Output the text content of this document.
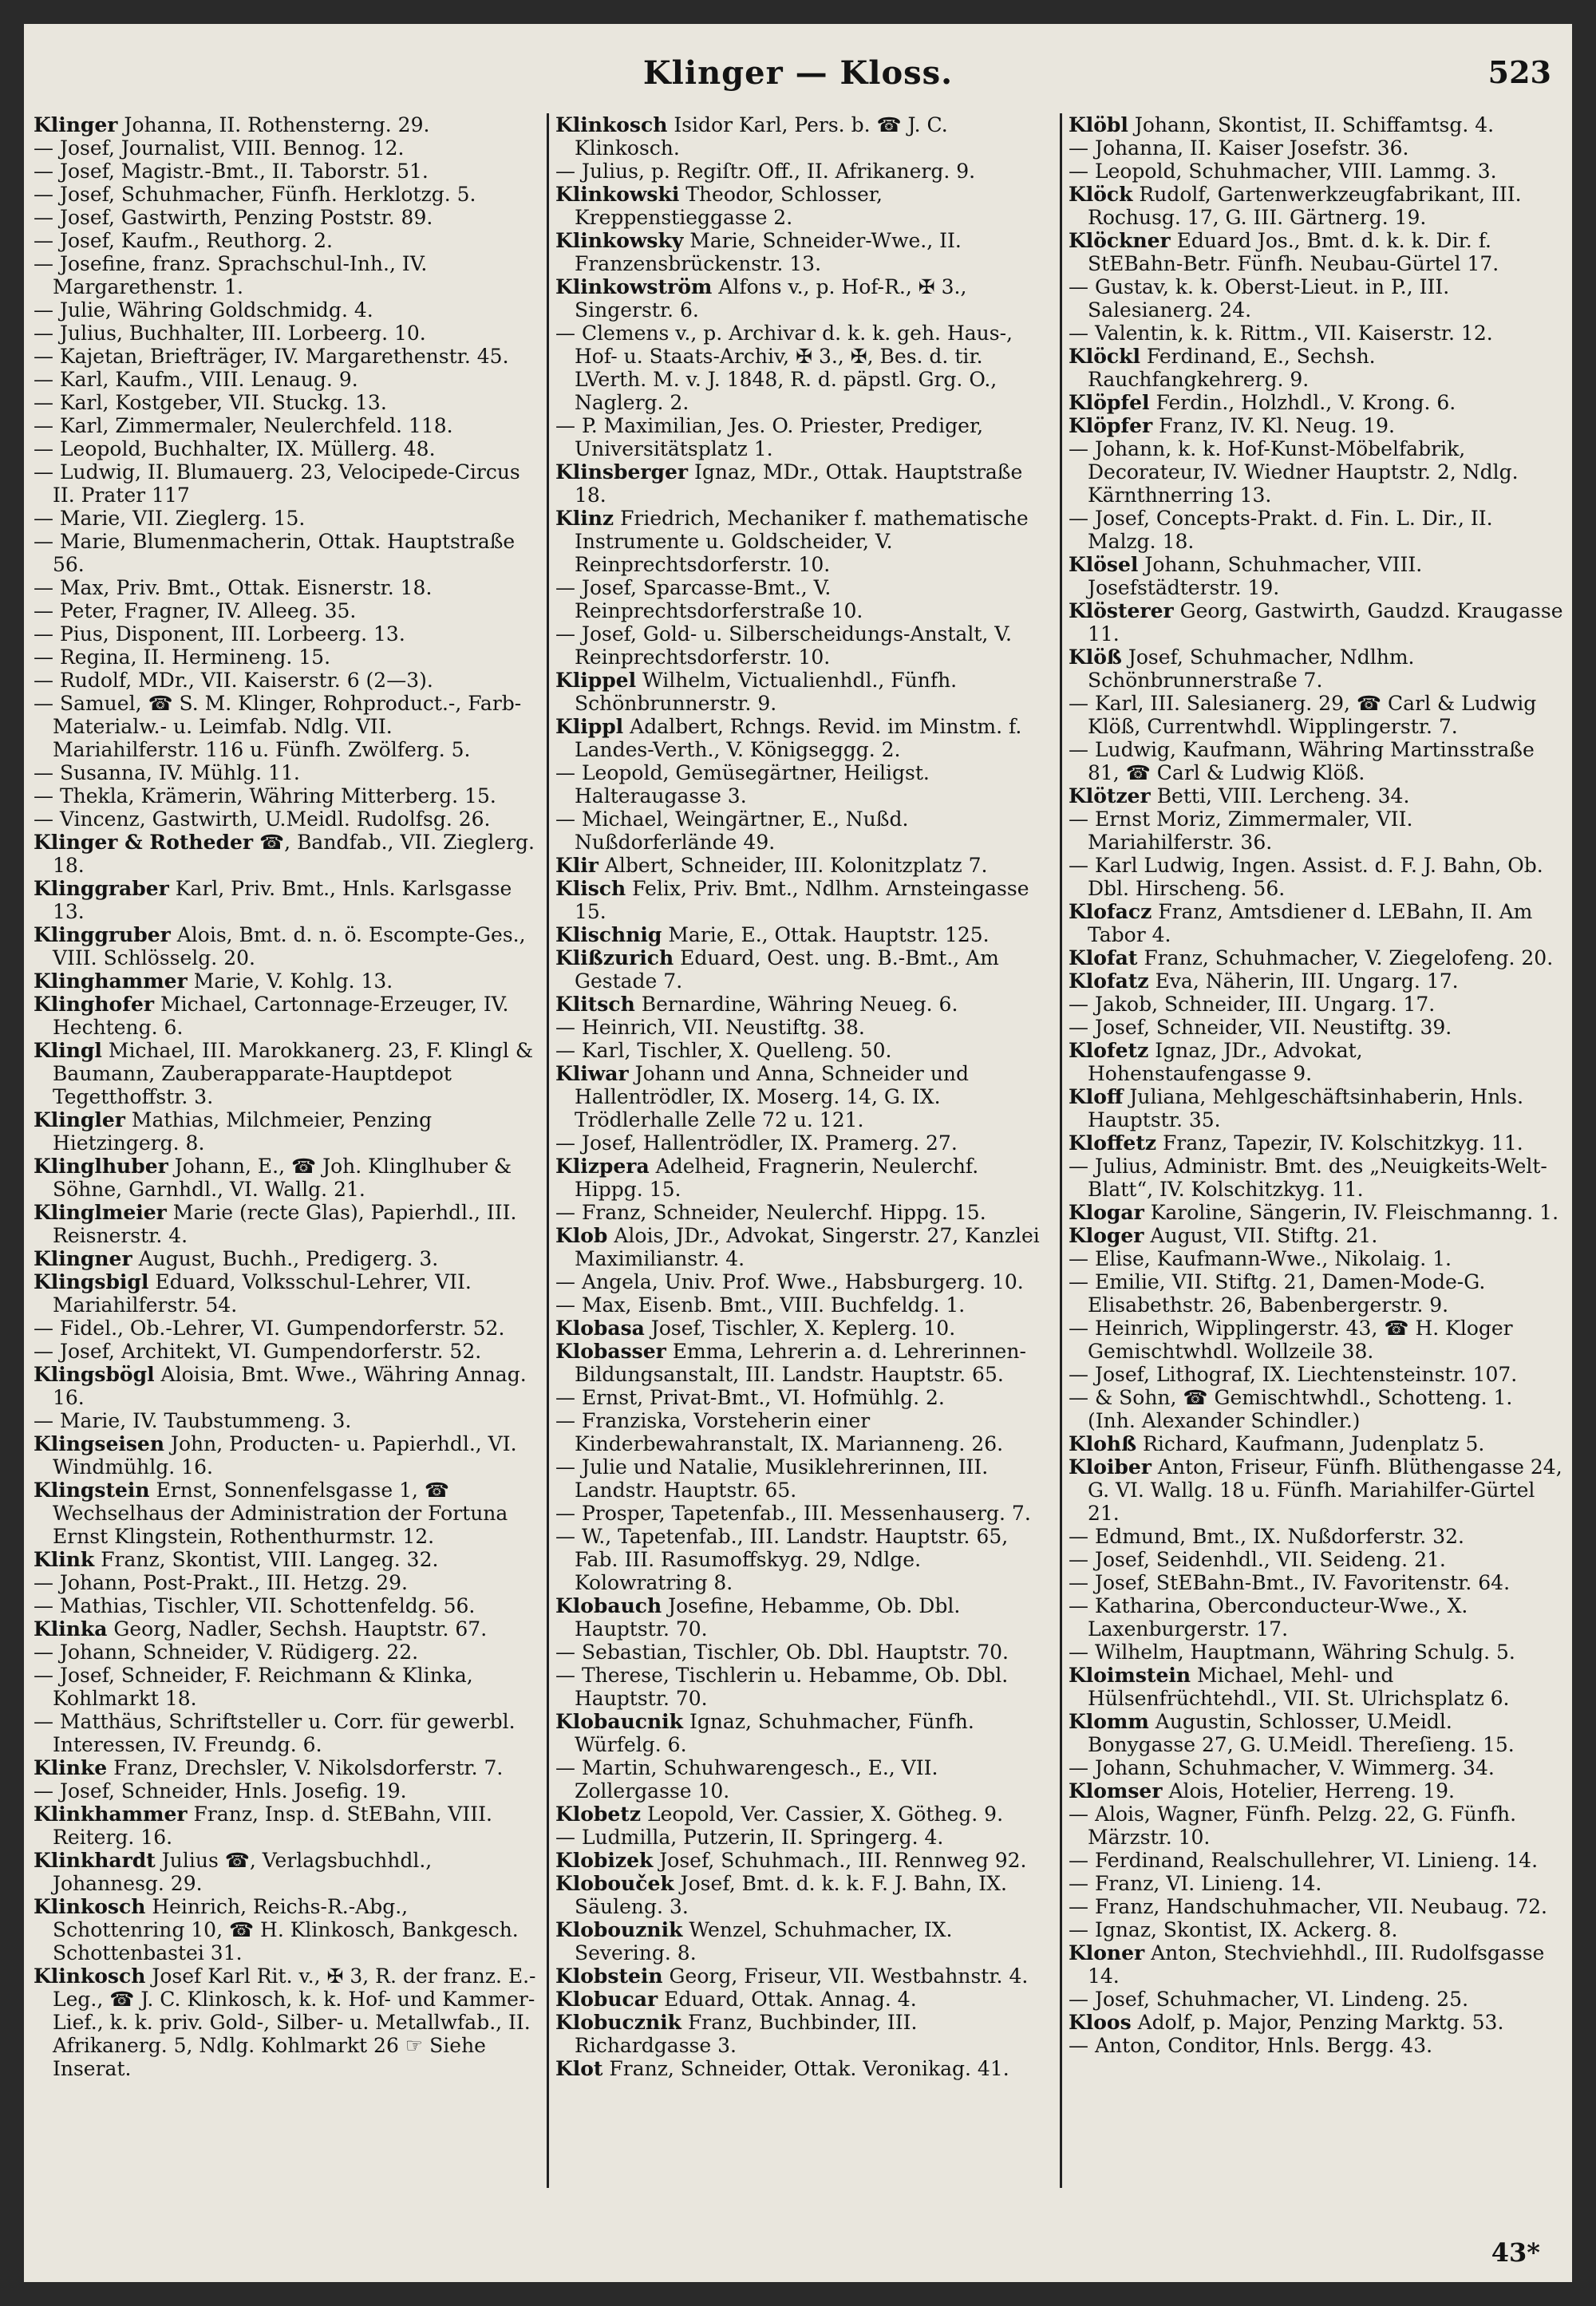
Klinger — Kloss.	523
Klinger Johanna, II. Rothensterng. 29.
— Josef, Journalist, VIII. Bennog. 12.
— Josef, Magistr.-Bmt., II. Taborstr. 51.
— Josef, Schuhmacher, Fünfh. Herklotzg. 5.
— Josef, Gastwirth, Penzing Poststr. 89.
— Josef, Kaufm., Reuthorg. 2.
— Josefine, franz. Sprachschul-Inh., IV. Margarethenstr. 1.
— Julie, Währing Goldschmidg. 4.
— Julius, Buchhalter, III. Lorbeerg. 10.
— Kajetan, Briefträger, IV. Margarethenstr. 45.
— Karl, Kaufm., VIII. Lenaug. 9.
— Karl, Kostgeber, VII. Stuckg. 13.
— Karl, Zimmermaler, Neulerchfeld. 118.
— Leopold, Buchhalter, IX. Müllerg. 48.
— Ludwig, II. Blumauerg. 23, Velocipede-Circus II. Prater 117
— Marie, VII. Zieglerg. 15.
— Marie, Blumenmacherin, Ottak. Hauptstraße 56.
— Max, Priv. Bmt., Ottak. Eisnerstr. 18.
— Peter, Fragner, IV. Alleeg. 35.
— Pius, Disponent, III. Lorbeerg. 13.
— Regina, II. Hermineng. 15.
— Rudolf, MDr., VII. Kaiserstr. 6 (2—3).
— Samuel, ☎ S. M. Klinger, Rohproduct.-, Farb-Materialw.- u. Leimfab. Ndlg. VII. Mariahilferstr. 116 u. Fünfh. Zwölferg. 5.
— Susanna, IV. Mühlg. 11.
— Thekla, Krämerin, Währing Mitterberg. 15.
— Vincenz, Gastwirth, U.Meidl. Rudolfsg. 26.
Klinger & Rotheder ☎, Bandfab., VII. Zieglerg. 18.
Klinggraber Karl, Priv. Bmt., Hnls. Karlsgasse 13.
Klinggruber Alois, Bmt. d. n. ö. Escompte-Ges., VIII. Schlösselg. 20.
Klinghammer Marie, V. Kohlg. 13.
Klinghofer Michael, Cartonnage-Erzeuger, IV. Hechteng. 6.
Klingl Michael, III. Marokkanerg. 23, F. Klingl & Baumann, Zauberapparate-Hauptdepot Tegetthoffstr. 3.
Klingler Mathias, Milchmeier, Penzing Hietzingerg. 8.
Klinglhuber Johann, E., ☎ Joh. Klinglhuber & Söhne, Garnhdl., VI. Wallg. 21.
Klinglmeier Marie (recte Glas), Papierhdl., III. Reisnerstr. 4.
Klingner August, Buchh., Predigerg. 3.
Klingsbigl Eduard, Volksschul-Lehrer, VII. Mariahilferstr. 54.
— Fidel., Ob.-Lehrer, VI. Gumpendorferstr. 52.
— Josef, Architekt, VI. Gumpendorferstr. 52.
Klingsbögl Aloisia, Bmt. Wwe., Währing Annag. 16.
— Marie, IV. Taubstummeng. 3.
Klingseisen John, Producten- u. Papierhdl., VI. Windmühlg. 16.
Klingstein Ernst, Sonnenfelsgasse 1, ☎ Wechselhaus der Administration der Fortuna Ernst Klingstein, Rothenthurmstr. 12.
Klink Franz, Skontist, VIII. Langeg. 32.
— Johann, Post-Prakt., III. Hetzg. 29.
— Mathias, Tischler, VII. Schottenfeldg. 56.
Klinka Georg, Nadler, Sechsh. Hauptstr. 67.
— Johann, Schneider, V. Rüdigerg. 22.
— Josef, Schneider, F. Reichmann & Klinka, Kohlmarkt 18.
— Matthäus, Schriftsteller u. Corr. für gewerbl. Interessen, IV. Freundg. 6.
Klinke Franz, Drechsler, V. Nikolsdorferstr. 7.
— Josef, Schneider, Hnls. Josefig. 19.
Klinkhammer Franz, Insp. d. StEBahn, VIII. Reiterg. 16.
Klinkhardt Julius ☎, Verlagsbuchhdl., Johannesg. 29.
Klinkosch Heinrich, Reichs-R.-Abg., Schottenring 10, ☎ H. Klinkosch, Bankgesch. Schottenbastei 31.
Klinkosch Josef Karl Rit. v., ✠ 3, R. der franz. E.-Leg., ☎ J. C. Klinkosch, k. k. Hof- und Kammer-Lief., k. k. priv. Gold-, Silber- u. Metallwfab., II. Afrikanerg. 5, Ndlg. Kohlmarkt 26 ☞ Siehe Inserat.
Klinkosch Isidor Karl, Pers. b. ☎ J. C. Klinkosch.
— Julius, p. Regiſtr. Off., II. Afrikanerg. 9.
Klinkowski Theodor, Schlosser, Kreppenstieggasse 2.
Klinkowsky Marie, Schneider-Wwe., II. Franzensbrückenstr. 13.
Klinkowström Alfons v., p. Hof-R., ✠ 3., Singerstr. 6.
— Clemens v., p. Archivar d. k. k. geh. Haus-, Hof- u. Staats-Archiv, ✠ 3., ✠, Bes. d. tir. LVerth. M. v. J. 1848, R. d. päpstl. Grg. O., Naglerg. 2.
— P. Maximilian, Jes. O. Priester, Prediger, Universitätsplatz 1.
Klinsberger Ignaz, MDr., Ottak. Hauptstraße 18.
Klinz Friedrich, Mechaniker f. mathematische Instrumente u. Goldscheider, V. Reinprechtsdorferstr. 10.
— Josef, Sparcasse-Bmt., V. Reinprechtsdorferstraße 10.
— Josef, Gold- u. Silberscheidungs-Anstalt, V. Reinprechtsdorferstr. 10.
Klippel Wilhelm, Victualienhdl., Fünfh. Schönbrunnerstr. 9.
Klippl Adalbert, Rchngs. Revid. im Minstm. f. Landes-Verth., V. Königseggg. 2.
— Leopold, Gemüsegärtner, Heiligst. Halteraugasse 3.
— Michael, Weingärtner, E., Nußd. Nußdorferlände 49.
Klir Albert, Schneider, III. Kolonitzplatz 7.
Klisch Felix, Priv. Bmt., Ndlhm. Arnsteingasse 15.
Klischnig Marie, E., Ottak. Hauptstr. 125.
Klißzurich Eduard, Oest. ung. B.-Bmt., Am Gestade 7.
Klitsch Bernardine, Währing Neueg. 6.
— Heinrich, VII. Neustiftg. 38.
— Karl, Tischler, X. Quelleng. 50.
Kliwar Johann und Anna, Schneider und Hallentrödler, IX. Moserg. 14, G. IX. Trödlerhalle Zelle 72 u. 121.
— Josef, Hallentrödler, IX. Pramerg. 27.
Klizpera Adelheid, Fragnerin, Neulerchf. Hippg. 15.
— Franz, Schneider, Neulerchf. Hippg. 15.
Klob Alois, JDr., Advokat, Singerstr. 27, Kanzlei Maximilianstr. 4.
— Angela, Univ. Prof. Wwe., Habsburgerg. 10.
— Max, Eisenb. Bmt., VIII. Buchfeldg. 1.
Klobasa Josef, Tischler, X. Keplerg. 10.
Klobasser Emma, Lehrerin a. d. Lehrerinnen-Bildungsanstalt, III. Landstr. Hauptstr. 65.
— Ernst, Privat-Bmt., VI. Hofmühlg. 2.
— Franziska, Vorsteherin einer Kinderbewahranstalt, IX. Marianneng. 26.
— Julie und Natalie, Musiklehrerinnen, III. Landstr. Hauptstr. 65.
— Prosper, Tapetenfab., III. Messenhauserg. 7.
— W., Tapetenfab., III. Landstr. Hauptstr. 65, Fab. III. Rasumoffskyg. 29, Ndlge. Kolowratring 8.
Klobauch Josefine, Hebamme, Ob. Dbl. Hauptstr. 70.
— Sebastian, Tischler, Ob. Dbl. Hauptstr. 70.
— Therese, Tischlerin u. Hebamme, Ob. Dbl. Hauptstr. 70.
Klobaucnik Ignaz, Schuhmacher, Fünfh. Würfelg. 6.
— Martin, Schuhwarengesch., E., VII. Zollergasse 10.
Klobetz Leopold, Ver. Cassier, X. Götheg. 9.
— Ludmilla, Putzerin, II. Springerg. 4.
Klobizek Josef, Schuhmach., III. Rennweg 92.
Klobouček Josef, Bmt. d. k. k. F. J. Bahn, IX. Säuleng. 3.
Klobouznik Wenzel, Schuhmacher, IX. Severing. 8.
Klobstein Georg, Friseur, VII. Westbahnstr. 4.
Klobucar Eduard, Ottak. Annag. 4.
Klobucznik Franz, Buchbinder, III. Richardgasse 3.
Klot Franz, Schneider, Ottak. Veronikag. 41.
Klöbl Johann, Skontist, II. Schiffamtsg. 4.
— Johanna, II. Kaiser Josefstr. 36.
— Leopold, Schuhmacher, VIII. Lammg. 3.
Klöck Rudolf, Gartenwerkzeugfabrikant, III. Rochusg. 17, G. III. Gärtnerg. 19.
Klöckner Eduard Jos., Bmt. d. k. k. Dir. f. StEBahn-Betr. Fünfh. Neubau-Gürtel 17.
— Gustav, k. k. Oberst-Lieut. in P., III. Salesianerg. 24.
— Valentin, k. k. Rittm., VII. Kaiserstr. 12.
Klöckl Ferdinand, E., Sechsh. Rauchfangkehrerg. 9.
Klöpfel Ferdin., Holzhdl., V. Krong. 6.
Klöpfer Franz, IV. Kl. Neug. 19.
— Johann, k. k. Hof-Kunst-Möbelfabrik, Decorateur, IV. Wiedner Hauptstr. 2, Ndlg. Kärnthnerring 13.
— Josef, Concepts-Prakt. d. Fin. L. Dir., II. Malzg. 18.
Klösel Johann, Schuhmacher, VIII. Josefstädterstr. 19.
Klösterer Georg, Gastwirth, Gaudzd. Kraugasse 11.
Klöß Josef, Schuhmacher, Ndlhm. Schönbrunnerstraße 7.
— Karl, III. Salesianerg. 29, ☎ Carl & Ludwig Klöß, Currentwhdl. Wipplingerstr. 7.
— Ludwig, Kaufmann, Währing Martinsstraße 81, ☎ Carl & Ludwig Klöß.
Klötzer Betti, VIII. Lercheng. 34.
— Ernst Moriz, Zimmermaler, VII. Mariahilferstr. 36.
— Karl Ludwig, Ingen. Assist. d. F. J. Bahn, Ob. Dbl. Hirscheng. 56.
Klofacz Franz, Amtsdiener d. LEBahn, II. Am Tabor 4.
Klofat Franz, Schuhmacher, V. Ziegelofeng. 20.
Klofatz Eva, Näherin, III. Ungarg. 17.
— Jakob, Schneider, III. Ungarg. 17.
— Josef, Schneider, VII. Neustiftg. 39.
Klofetz Ignaz, JDr., Advokat, Hohenstaufengasse 9.
Kloff Juliana, Mehlgeschäftsinhaberin, Hnls. Hauptstr. 35.
Kloffetz Franz, Tapezir, IV. Kolschitzkyg. 11.
— Julius, Administr. Bmt. des „Neuigkeits-Welt-Blatt“, IV. Kolschitzkyg. 11.
Klogar Karoline, Sängerin, IV. Fleischmanng. 1.
Kloger August, VII. Stiftg. 21.
— Elise, Kaufmann-Wwe., Nikolaig. 1.
— Emilie, VII. Stiftg. 21, Damen-Mode-G. Elisabethstr. 26, Babenbergerstr. 9.
— Heinrich, Wipplingerstr. 43, ☎ H. Kloger Gemischtwhdl. Wollzeile 38.
— Josef, Lithograf, IX. Liechtensteinstr. 107.
— & Sohn, ☎ Gemischtwhdl., Schotteng. 1. (Inh. Alexander Schindler.)
Klohß Richard, Kaufmann, Judenplatz 5.
Kloiber Anton, Friseur, Fünfh. Blüthengasse 24, G. VI. Wallg. 18 u. Fünfh. Mariahilfer-Gürtel 21.
— Edmund, Bmt., IX. Nußdorferstr. 32.
— Josef, Seidenhdl., VII. Seideng. 21.
— Josef, StEBahn-Bmt., IV. Favoritenstr. 64.
— Katharina, Oberconducteur-Wwe., X. Laxenburgerstr. 17.
— Wilhelm, Hauptmann, Währing Schulg. 5.
Kloimstein Michael, Mehl- und Hülsenfrüchtehdl., VII. St. Ulrichsplatz 6.
Klomm Augustin, Schlosser, U.Meidl. Bonygasse 27, G. U.Meidl. Thereſieng. 15.
— Johann, Schuhmacher, V. Wimmerg. 34.
Klomser Alois, Hotelier, Herreng. 19.
— Alois, Wagner, Fünfh. Pelzg. 22, G. Fünfh. Märzstr. 10.
— Ferdinand, Realschullehrer, VI. Linieng. 14.
— Franz, VI. Linieng. 14.
— Franz, Handschuhmacher, VII. Neubaug. 72.
— Ignaz, Skontist, IX. Ackerg. 8.
Kloner Anton, Stechviehhdl., III. Rudolfsgasse 14.
— Josef, Schuhmacher, VI. Lindeng. 25.
Kloos Adolf, p. Major, Penzing Marktg. 53.
— Anton, Conditor, Hnls. Bergg. 43.
43*
